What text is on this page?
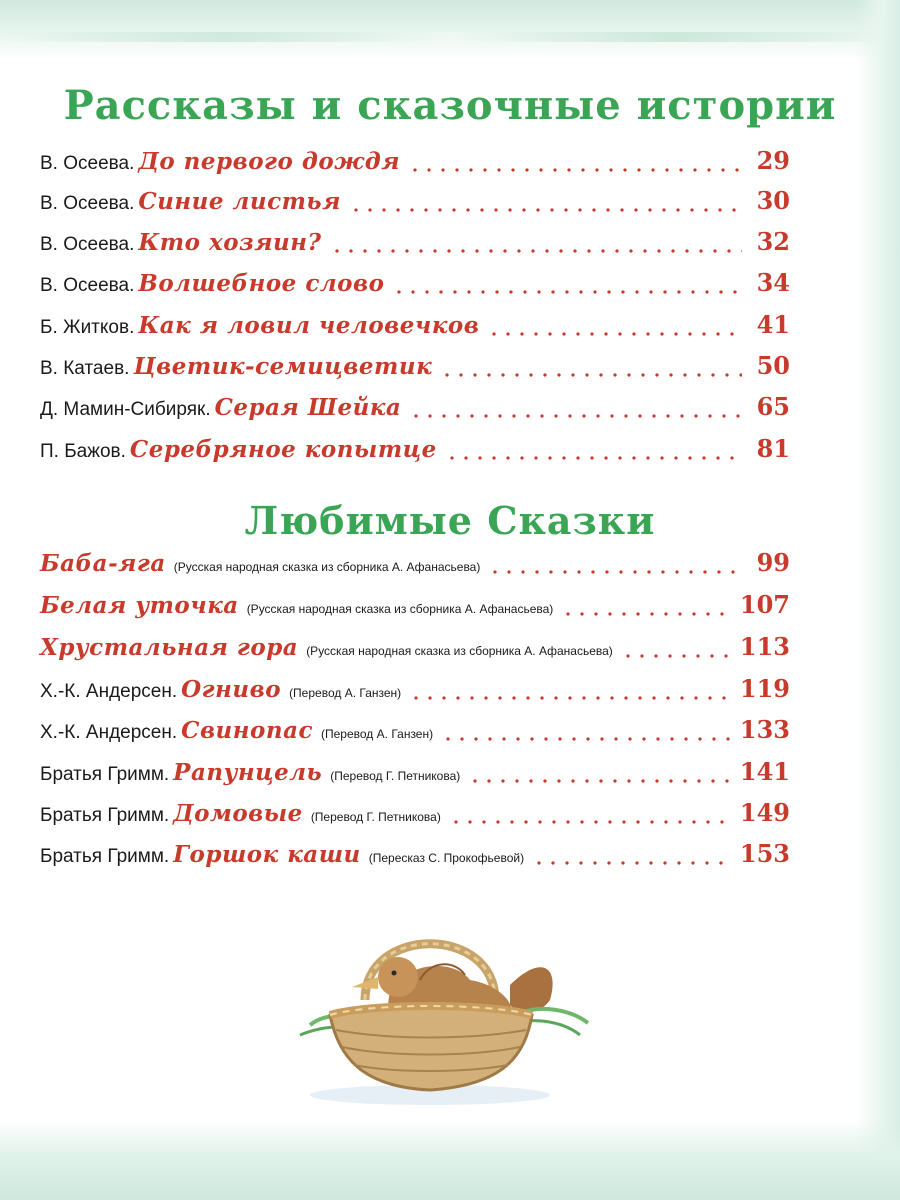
Рассказы и сказочные истории
В. Осеева. До первого дождя	29
В. Осеева. Синие листья	30
В. Осеева. Кто хозяин?	32
В. Осеева. Волшебное слово	34
Б. Житков. Как я ловил человечков	41
В. Катаев. Цветик-семицветик	50
Д. Мамин-Сибиряк. Серая Шейка	65
П. Бажов. Серебряное копытце	81
Любимые Сказки
Баба-яга (Русская народная сказка из сборника А. Афанасьева)	99
Белая уточка (Русская народная сказка из сборника А. Афанасьева)	107
Хрустальная гора (Русская народная сказка из сборника А. Афанасьева)	113
Х.-К. Андерсен. Огниво (Перевод А. Ганзен)	119
Х.-К. Андерсен. Свинопас (Перевод А. Ганзен)	133
Братья Гримм. Рапунцель (Перевод Г. Петникова)	141
Братья Гримм. Домовые (Перевод Г. Петникова)	149
Братья Гримм. Горшок каши (Пересказ С. Прокофьевой)	153
